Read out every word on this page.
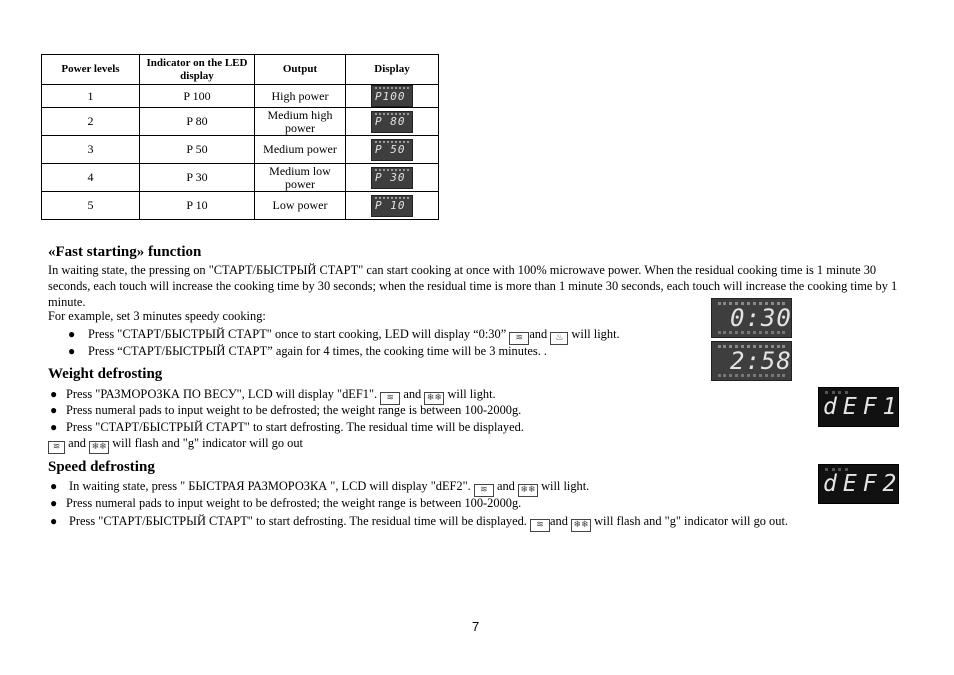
Power levels	Indicator on the LED display	Output	Display
1	P 100	High power	P100

2	P 80	Medium high power	P 80

3	P 50	Medium power	P 50

4	P 30	Medium low power	P 30

5	P 10	Low power	P 10
«Fast starting» function

In waiting state, the pressing on "СТАРТ/БЫСТРЫЙ СТАРТ" can start cooking at once with 100% microwave power. When the residual cooking time is 1 minute 30 seconds, each touch will increase the cooking time by 30 seconds; when the residual time is more than 1 minute 30 seconds, each touch will increase the cooking time by 1 minute.

For example, set 3 minutes speedy cooking:

● Press "СТАРТ/БЫСТРЫЙ СТАРТ" once to start cooking, LED will display “0:30” ≋ and ♨ will light.

● Press “СТАРТ/БЫСТРЫЙ СТАРТ” again for 4 times, the cooking time will be 3 minutes. .

0:30
2:58
Weight defrosting
● Press "РАЗМОРОЗКА ПО ВЕСУ", LCD will display "dEF1". ≋ and ❄❄ will light.

● Press numeral pads to input weight to be defrosted; the weight range is between 100-2000g.

● Press "СТАРТ/БЫСТРЫЙ СТАРТ" to start defrosting. The residual time will be displayed.

≋ and ❄❄ will flash and "g" indicator will go out

dEF1
Speed defrosting
● In waiting state, press " БЫСТРАЯ РАЗМОРОЗКА ", LCD will display "dEF2". ≋ and ❄❄ will light.

● Press numeral pads to input weight to be defrosted; the weight range is between 100-2000g.

● Press "СТАРТ/БЫСТРЫЙ СТАРТ" to start defrosting. The residual time will be displayed. ≋ and ❄❄ will flash and "g" indicator will go out.

dEF2
7
